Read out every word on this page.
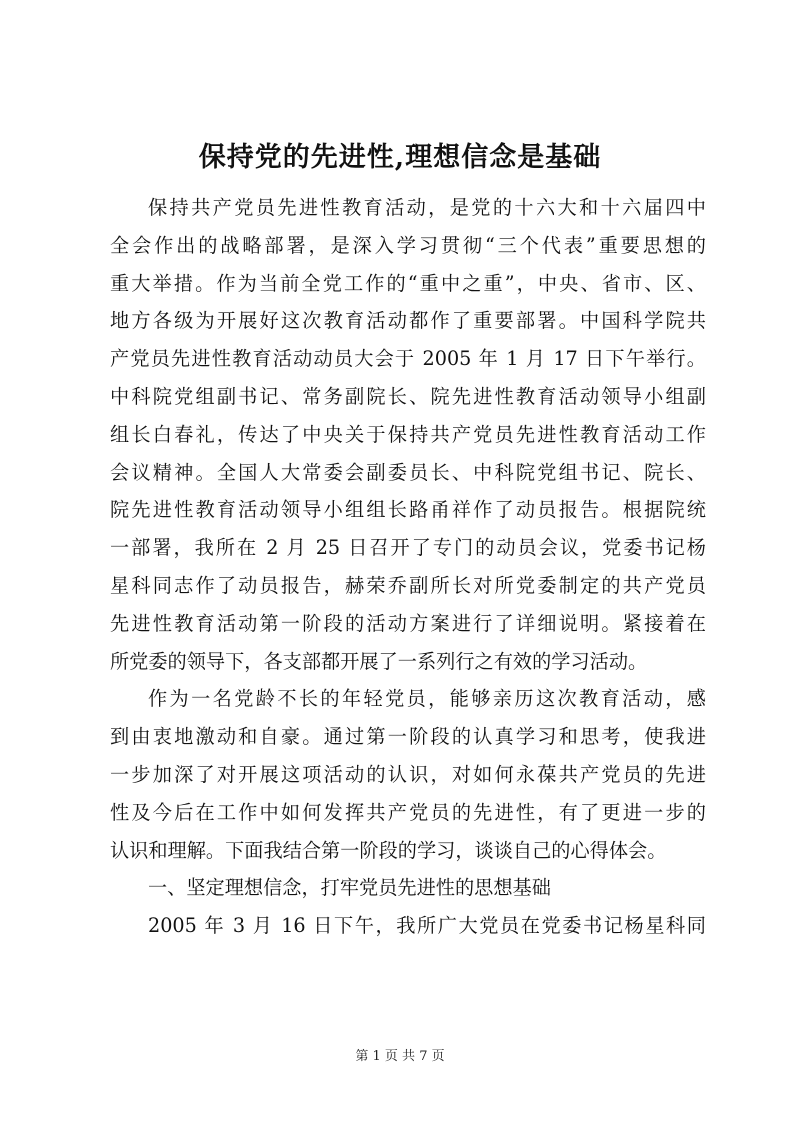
保持党的先进性,理想信念是基础
保持共产党员先进性教育活动，是党的十六大和十六届四中
全会作出的战略部署，是深入学习贯彻“三个代表”重要思想的
重大举措。作为当前全党工作的“重中之重”，中央、省市、区、
地方各级为开展好这次教育活动都作了重要部署。中国科学院共
产党员先进性教育活动动员大会于 2005 年 1 月 17 日下午举行。
中科院党组副书记、常务副院长、院先进性教育活动领导小组副
组长白春礼，传达了中央关于保持共产党员先进性教育活动工作
会议精神。全国人大常委会副委员长、中科院党组书记、院长、
院先进性教育活动领导小组组长路甬祥作了动员报告。根据院统
一部署，我所在 2 月 25 日召开了专门的动员会议，党委书记杨
星科同志作了动员报告，赫荣乔副所长对所党委制定的共产党员
先进性教育活动第一阶段的活动方案进行了详细说明。紧接着在
所党委的领导下，各支部都开展了一系列行之有效的学习活动。
作为一名党龄不长的年轻党员，能够亲历这次教育活动，感
到由衷地激动和自豪。通过第一阶段的认真学习和思考，使我进
一步加深了对开展这项活动的认识，对如何永葆共产党员的先进
性及今后在工作中如何发挥共产党员的先进性，有了更进一步的
认识和理解。下面我结合第一阶段的学习，谈谈自己的心得体会。
一、坚定理想信念，打牢党员先进性的思想基础
2005 年 3 月 16 日下午，我所广大党员在党委书记杨星科同
第 1 页 共 7 页
